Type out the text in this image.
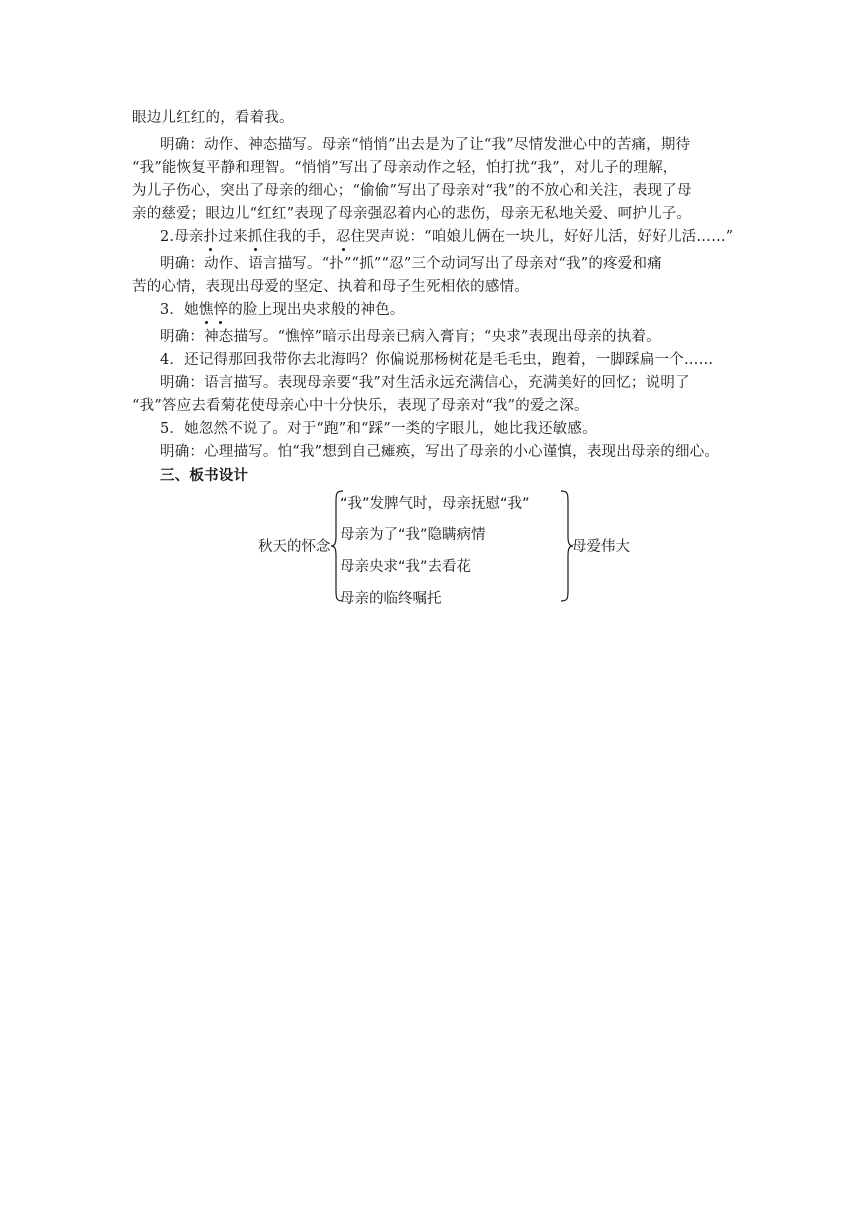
眼边儿红红的，看着我。
明确：动作、神态描写。母亲“悄悄”出去是为了让“我”尽情发泄心中的苦痛，期待
“我”能恢复平静和理智。“悄悄”写出了母亲动作之轻，怕打扰“我”，对儿子的理解，
为儿子伤心，突出了母亲的细心；“偷偷”写出了母亲对“我”的不放心和关注，表现了母
亲的慈爱；眼边儿“红红”表现了母亲强忍着内心的悲伤，母亲无私地关爱、呵护儿子。
2.母亲扑过来抓住我的手，忍住哭声说：“咱娘儿俩在一块儿，好好儿活，好好儿活……”
明确：动作、语言描写。“扑”“抓”“忍”三个动词写出了母亲对“我”的疼爱和痛
苦的心情，表现出母爱的坚定、执着和母子生死相依的感情。
3．她憔悴的脸上现出央求般的神色。
明确：神态描写。“憔悴”暗示出母亲已病入膏肓；“央求”表现出母亲的执着。
4．还记得那回我带你去北海吗？你偏说那杨树花是毛毛虫，跑着，一脚踩扁一个……
明确：语言描写。表现母亲要“我”对生活永远充满信心，充满美好的回忆；说明了
“我”答应去看菊花使母亲心中十分快乐，表现了母亲对“我”的爱之深。
5．她忽然不说了。对于“跑”和“踩”一类的字眼儿，她比我还敏感。
明确：心理描写。怕“我”想到自己瘫痪，写出了母亲的小心谨慎，表现出母亲的细心。
三、板书设计
秋天的怀念
“我”发脾气时，母亲抚慰“我”
母亲为了“我”隐瞒病情
母亲央求“我”去看花
母亲的临终嘱托
母爱伟大
